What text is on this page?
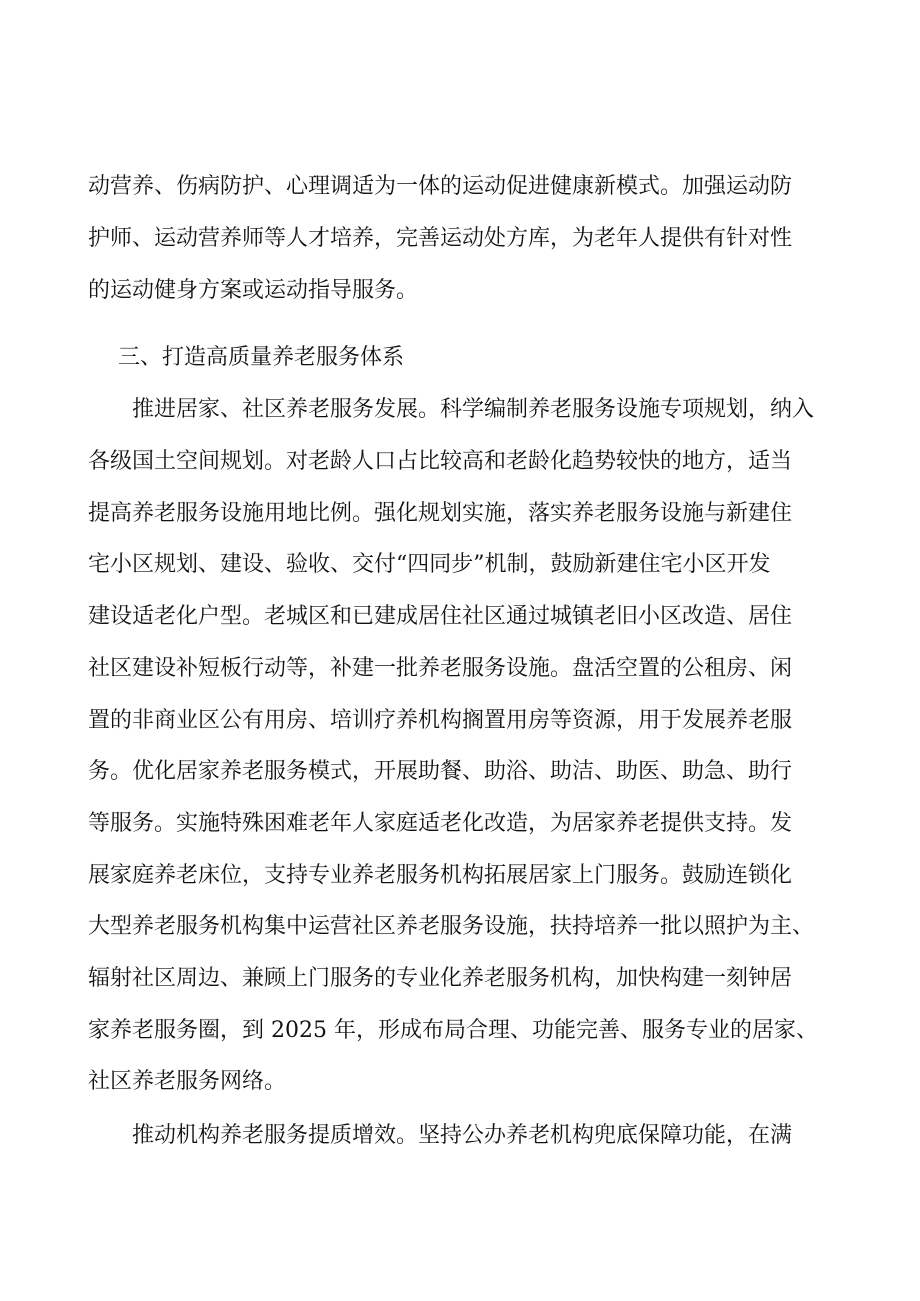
动营养、伤病防护、心理调适为一体的运动促进健康新模式。加强运动防
护师、运动营养师等人才培养，完善运动处方库，为老年人提供有针对性
的运动健身方案或运动指导服务。
三、打造高质量养老服务体系
推进居家、社区养老服务发展。科学编制养老服务设施专项规划，纳入
各级国土空间规划。对老龄人口占比较高和老龄化趋势较快的地方，适当
提高养老服务设施用地比例。强化规划实施，落实养老服务设施与新建住
宅小区规划、建设、验收、交付“四同步”机制，鼓励新建住宅小区开发
建设适老化户型。老城区和已建成居住社区通过城镇老旧小区改造、居住
社区建设补短板行动等，补建一批养老服务设施。盘活空置的公租房、闲
置的非商业区公有用房、培训疗养机构搁置用房等资源，用于发展养老服
务。优化居家养老服务模式，开展助餐、助浴、助洁、助医、助急、助行
等服务。实施特殊困难老年人家庭适老化改造，为居家养老提供支持。发
展家庭养老床位，支持专业养老服务机构拓展居家上门服务。鼓励连锁化
大型养老服务机构集中运营社区养老服务设施，扶持培养一批以照护为主、
辐射社区周边、兼顾上门服务的专业化养老服务机构，加快构建一刻钟居
家养老服务圈，到 2025 年，形成布局合理、功能完善、服务专业的居家、
社区养老服务网络。
推动机构养老服务提质增效。坚持公办养老机构兜底保障功能，在满
